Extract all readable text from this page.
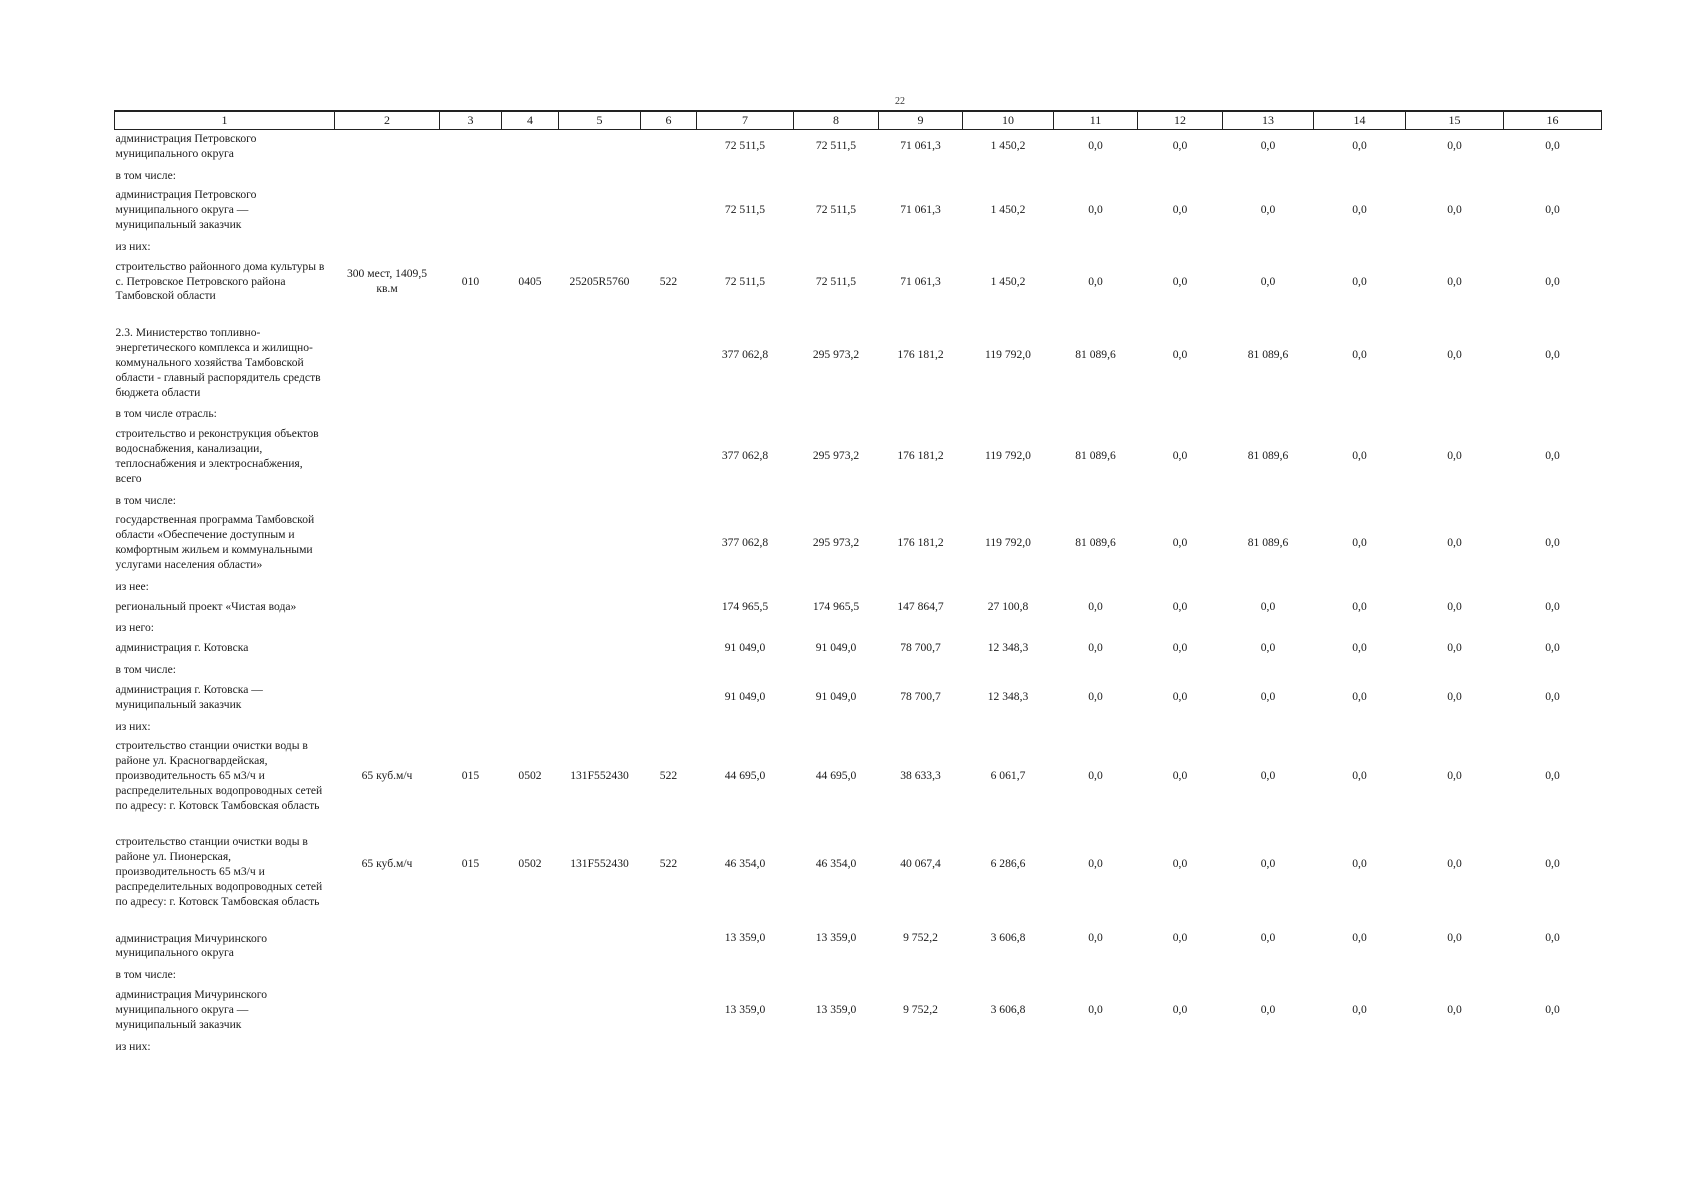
22
1	2	3	4	5	6	7	8	9	10	11	12	13	14	15	16
администрация Петровского муниципального округа						72 511,5	72 511,5	71 061,3	1 450,2	0,0	0,0	0,0	0,0	0,0	0,0
в том числе:															
администрация Петровского муниципального округа — муниципальный заказчик						72 511,5	72 511,5	71 061,3	1 450,2	0,0	0,0	0,0	0,0	0,0	0,0
из них:															
строительство районного дома культуры в с. Петровское Петровского района Тамбовской области	300 мест, 1409,5 кв.м	010	0405	25205R5760	522	72 511,5	72 511,5	71 061,3	1 450,2	0,0	0,0	0,0	0,0	0,0	0,0
2.3. Министерство топливно-энергетического комплекса и жилищно-коммунального хозяйства Тамбовской области - главный распорядитель средств бюджета области						377 062,8	295 973,2	176 181,2	119 792,0	81 089,6	0,0	81 089,6	0,0	0,0	0,0
в том числе отрасль:															
строительство и реконструкция объектов водоснабжения, канализации, теплоснабжения и электроснабжения, всего						377 062,8	295 973,2	176 181,2	119 792,0	81 089,6	0,0	81 089,6	0,0	0,0	0,0
в том числе:															
государственная программа Тамбовской области «Обеспечение доступным и комфортным жильем и коммунальными услугами населения области»						377 062,8	295 973,2	176 181,2	119 792,0	81 089,6	0,0	81 089,6	0,0	0,0	0,0
из нее:															
региональный проект «Чистая вода»						174 965,5	174 965,5	147 864,7	27 100,8	0,0	0,0	0,0	0,0	0,0	0,0
из него:															
администрация г. Котовска						91 049,0	91 049,0	78 700,7	12 348,3	0,0	0,0	0,0	0,0	0,0	0,0
в том числе:															
администрация г. Котовска — муниципальный заказчик						91 049,0	91 049,0	78 700,7	12 348,3	0,0	0,0	0,0	0,0	0,0	0,0
из них:															
строительство станции очистки воды в районе ул. Красногвардейская, производительность 65 м3/ч и распределительных водопроводных сетей по адресу: г. Котовск Тамбовская область	65 куб.м/ч	015	0502	131F552430	522	44 695,0	44 695,0	38 633,3	6 061,7	0,0	0,0	0,0	0,0	0,0	0,0
строительство станции очистки воды в районе ул. Пионерская, производительность 65 м3/ч и распределительных водопроводных сетей по адресу: г. Котовск Тамбовская область	65 куб.м/ч	015	0502	131F552430	522	46 354,0	46 354,0	40 067,4	6 286,6	0,0	0,0	0,0	0,0	0,0	0,0
администрация Мичуринского муниципального округа						13 359,0	13 359,0	9 752,2	3 606,8	0,0	0,0	0,0	0,0	0,0	0,0
в том числе:															
администрация Мичуринского муниципального округа — муниципальный заказчик						13 359,0	13 359,0	9 752,2	3 606,8	0,0	0,0	0,0	0,0	0,0	0,0
из них:															
